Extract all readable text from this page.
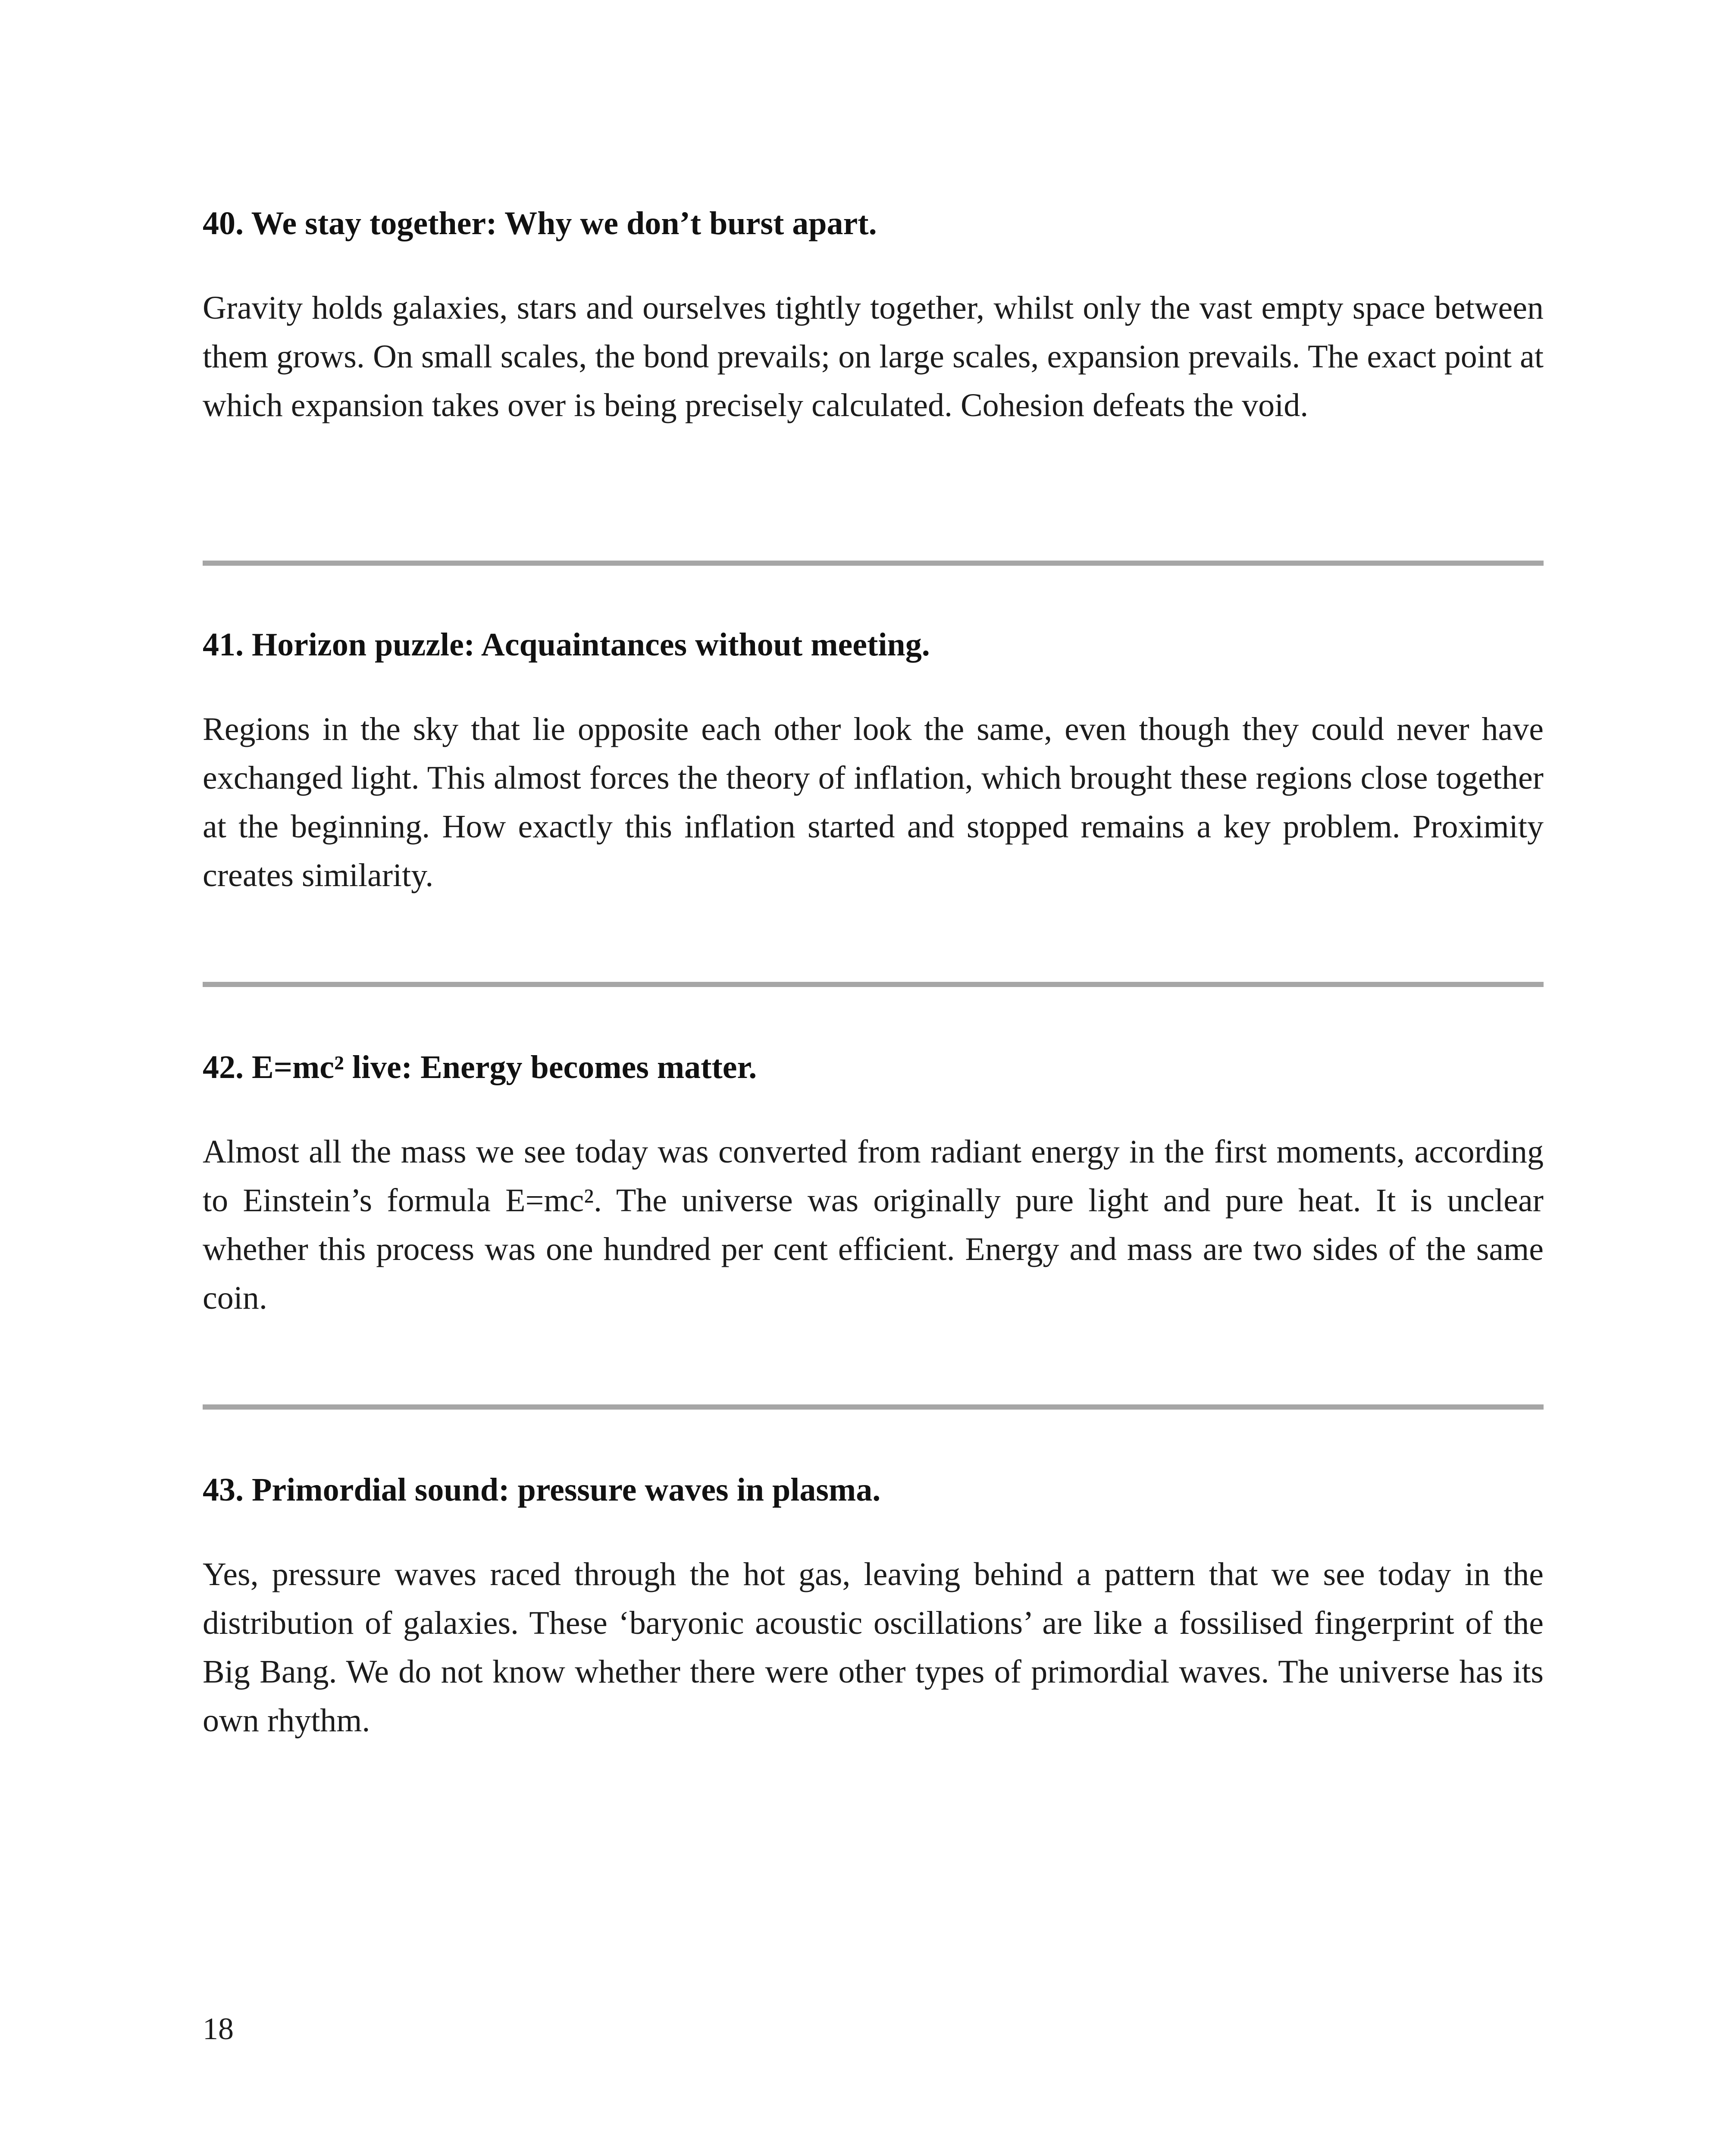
40. We stay together: Why we don’t burst apart.

Gravity holds galaxies, stars and ourselves tightly together, whilst only the vast empty space between them grows. On small scales, the bond prevails; on large scales, expansion prevails. The exact point at which expansion takes over is being precisely calculated. Cohesion defeats the void.

41. Horizon puzzle: Acquaintances without meeting.

Regions in the sky that lie opposite each other look the same, even though they could never have exchanged light. This almost forces the theory of inflation, which brought these regions close together at the beginning. How exactly this inflation started and stopped remains a key problem. Proximity creates similarity.

42. E=mc² live: Energy becomes matter.

Almost all the mass we see today was converted from radiant energy in the first moments, according to Einstein’s formula E=mc². The universe was originally pure light and pure heat. It is unclear whether this process was one hundred per cent efficient. Energy and mass are two sides of the same coin.

43. Primordial sound: pressure waves in plasma.

Yes, pressure waves raced through the hot gas, leaving behind a pattern that we see today in the distribution of galaxies. These ‘baryonic acoustic oscillations’ are like a fossilised fingerprint of the Big Bang. We do not know whether there were other types of primordial waves. The universe has its own rhythm.

18
